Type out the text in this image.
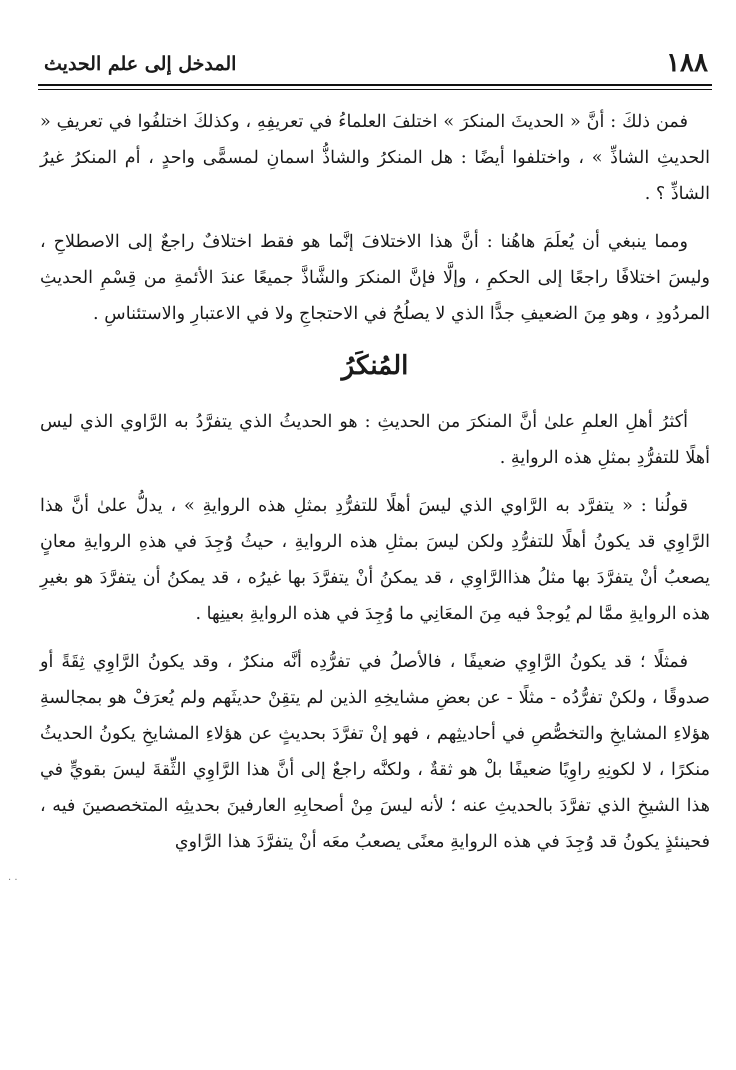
١٨٨
المدخل إلى علم الحديث

فمن ذلكَ : أنَّ « الحديثَ المنكرَ » اختلفَ العلماءُ في تعريفِهِ ، وكذلكَ اختلفُوا في تعريفِ « الحديثِ الشاذِّ » ، واختلفوا أيضًا : هل المنكرُ والشاذُّ اسمانِ لمسمًّى واحدٍ ، أم المنكرُ غيرُ الشاذِّ ؟ .

ومما ينبغي أن يُعلَمَ هاهُنا : أنَّ هذا الاختلافَ إنَّما هو فقط اختلافٌ راجعٌ إلى الاصطلاحِ ، وليسَ اختلافًا راجعًا إلى الحكمِ ، وإلَّا فإنَّ المنكرَ والشَّاذَّ جميعًا عندَ الأئمةِ من قِسْمِ الحديثِ المردُودِ ، وهو مِنَ الضعيفِ جدًّا الذي لا يصلُحُ في الاحتجاجِ ولا في الاعتبارِ والاستئناسِ .

المُنكَرُ

أكثرُ أهلِ العلمِ علىٰ أنَّ المنكرَ من الحديثِ : هو الحديثُ الذي يتفرَّدُ به الرَّاوي الذي ليس أهلًا للتفرُّدِ بمثلِ هذه الروايةِ .

قولُنا : « يتفرَّد به الرَّاوي الذي ليسَ أهلًا للتفرُّدِ بمثلِ هذه الروايةِ » ، يدلُّ علىٰ أنَّ هذا الرَّاوِي قد يكونُ أهلًا للتفرُّدِ ولكن ليسَ بمثلِ هذه الروايةِ ، حيثُ وُجِدَ في هذهِ الروايةِ معانٍ يصعبُ أنْ يتفرَّدَ بها مثلُ هذاالرَّاوِي ، قد يمكنُ أنْ يتفرَّدَ بها غيرُه ، قد يمكنُ أن يتفرَّدَ هو بغيرِ هذه الروايةِ ممَّا لم يُوجدْ فيه مِنَ المعَانِي ما وُجِدَ في هذه الروايةِ بعينِها .

فمثلًا ؛ قد يكونُ الرَّاوِي ضعيفًا ، فالأصلُ في تفرُّدِه أنَّه منكرٌ ، وقد يكونُ الرَّاوِي ثِقَةً أو صدوقًا ، ولكنْ تفرُّدُه - مثلًا - عن بعضِ مشايخِهِ الذين لم يتقِنْ حديثَهم ولم يُعرَفْ هو بمجالسةِ هؤلاءِ المشايخِ والتخصُّصِ في أحاديثِهم ، فهو إنْ تفرَّدَ بحديثٍ عن هؤلاءِ المشايخِ يكونُ الحديثُ منكرًا ، لا لكونِهِ راوِيًا ضعيفًا بلْ هو ثقةٌ ، ولكنَّه راجعٌ إلى أنَّ هذا الرَّاوِي الثِّقةَ ليسَ بقويٍّ في هذا الشيخِ الذي تفرَّدَ بالحديثِ عنه ؛ لأنه ليسَ مِنْ أصحابِهِ العارفينَ بحديثِه المتخصصينَ فيه ، فحينئذٍ يكونُ قد وُجِدَ في هذه الروايةِ معنًى يصعبُ معَه أنْ يتفرَّدَ هذا الرَّاوي

. .
